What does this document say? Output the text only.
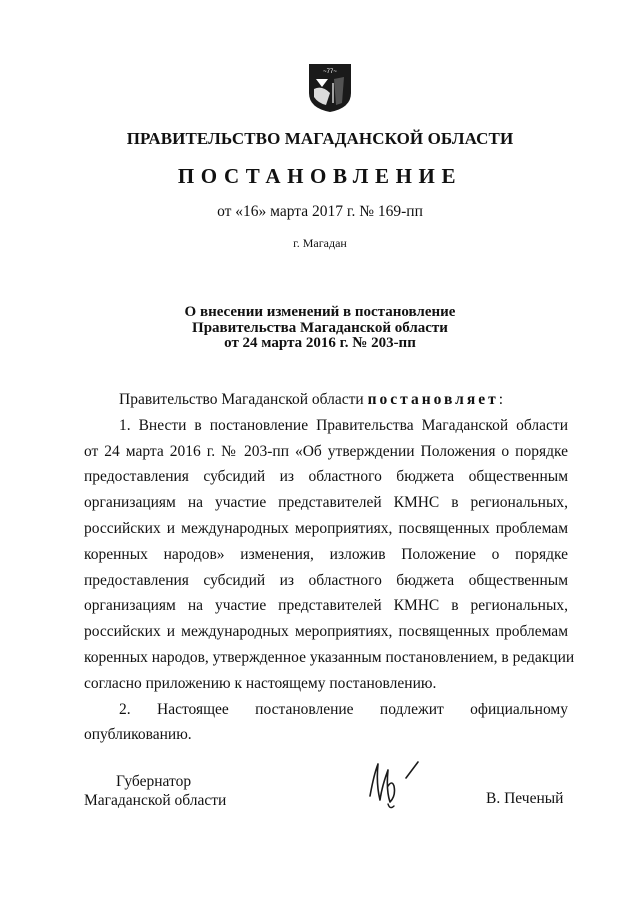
~77~
ПРАВИТЕЛЬСТВО МАГАДАНСКОЙ ОБЛАСТИ
ПОСТАНОВЛЕНИЕ
от «16» марта 2017 г. № 169-пп
г. Магадан
О внесении изменений в постановление
Правительства Магаданской области
от 24 марта 2016 г. № 203-пп

Правительство Магаданской области постановляет:

1. Внести в постановление Правительства Магаданской области
от 24 марта 2016 г. № 203-пп «Об утверждении Положения о порядке
предоставления субсидий из областного бюджета общественным
организациям на участие представителей КМНС в региональных,
российских и международных мероприятиях, посвященных проблемам
коренных народов» изменения, изложив Положение о порядке
предоставления субсидий из областного бюджета общественным
организациям на участие представителей КМНС в региональных,
российских и международных мероприятиях, посвященных проблемам
коренных народов, утвержденное указанным постановлением, в редакции
согласно приложению к настоящему постановлению.

2. Настоящее постановление подлежит официальному
опубликованию.

Губернатор
Магаданской области	В. Печеный
